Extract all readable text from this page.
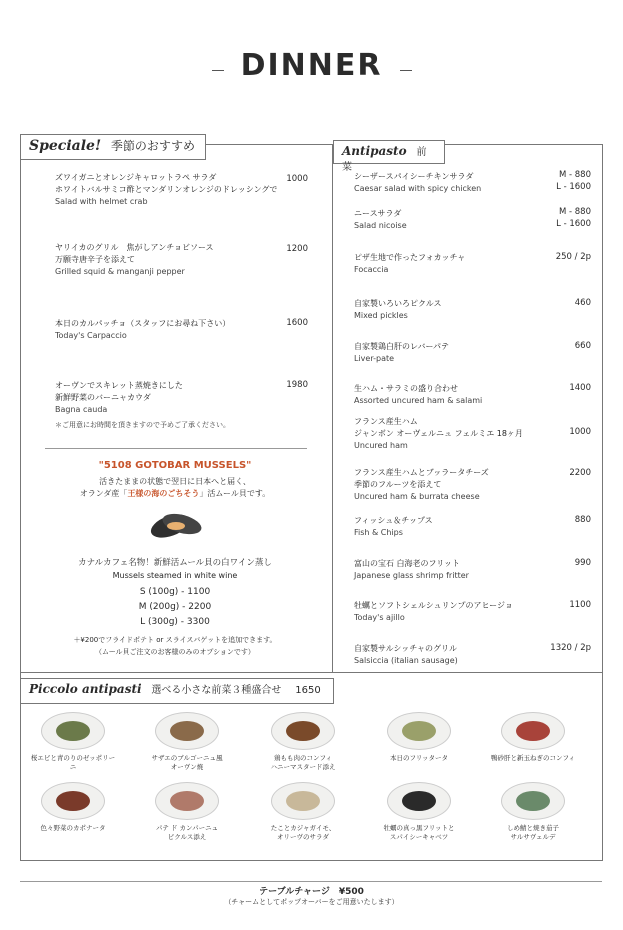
DINNER
Speciale! 季節のおすすめ
ズワイガニとオレンジキャロットラペ サラダ
ホワイトバルサミコ酢とマンダリンオレンジのドレッシングで
Salad with helmet crab
1000
ヤリイカのグリル　焦がしアンチョビソース
万願寺唐辛子を添えて
Grilled squid & manganji pepper
1200
本日のカルパッチョ（スタッフにお尋ね下さい）
Today's Carpaccio
1600
オーヴンでスキレット蒸焼きにした
新鮮野菜のバーニャカウダ
Bagna cauda
1980
＊ご用意にお時間を頂きますので予めご了承ください。
"5108 GOTOBAR MUSSELS"
活きたままの状態で翌日に日本へと届く、
オランダ産「王様の海のごちそう」活ムール貝です。
カナルカフェ名物！新鮮活ムール貝の白ワイン蒸し
Mussels steamed in white wine
S (100g) - 1100
M (200g) - 2200
L (300g) - 3300
＋¥200でフライドポテト or スライスバゲットを追加できます。
（ムール貝ご注文のお客様のみのオプションです）
Antipasto 前菜
シーザースパイシーチキンサラダ
Caesar salad with spicy chicken
M - 880
L - 1600
ニースサラダ
Salad nicoise
M - 880
L - 1600
ピザ生地で作ったフォカッチャ
Focaccia
250 / 2p
自家製いろいろピクルス
Mixed pickles
460
自家製鶏白肝のレバーパテ
Liver-pate
660
生ハム・サラミの盛り合わせ
Assorted uncured ham & salami
1400
フランス産生ハム
ジャンボン オーヴェルニュ フェルミエ 18ヶ月
Uncured ham
1000
フランス産生ハムとブッラータチーズ
季節のフルーツを添えて
Uncured ham & burrata cheese
2200
フィッシュ＆チップス
Fish & Chips
880
富山の宝石 白海老のフリット
Japanese glass shrimp fritter
990
牡蠣とソフトシェルシュリンプのアヒージョ
Today's ajillo
1100
自家製サルシッチャのグリル
Salsiccia (italian sausage)
1320 / 2p
Piccolo antipasti 選べる小さな前菜３種盛合せ 1650
桜エビと青のりのゼッポリーニ
サザエのブルゴーニュ風
オーヴン焼
鶏もも肉のコンフィ
ハニーマスタード添え
本日のフリッタータ	鴨砂肝と新玉ねぎのコンフィ
色々野菜のカポナータ	パテ ド カンパーニュ
ピクルス添え
たことカジャガイモ、
オリーヴのサラダ
牡蠣の真っ黒フリットと
スパイシーキャベツ
しめ鯖と焼き茄子
サルサヴェルデ
テーブルチャージ　¥500
（チャームとしてポップオーバーをご用意いたします）
